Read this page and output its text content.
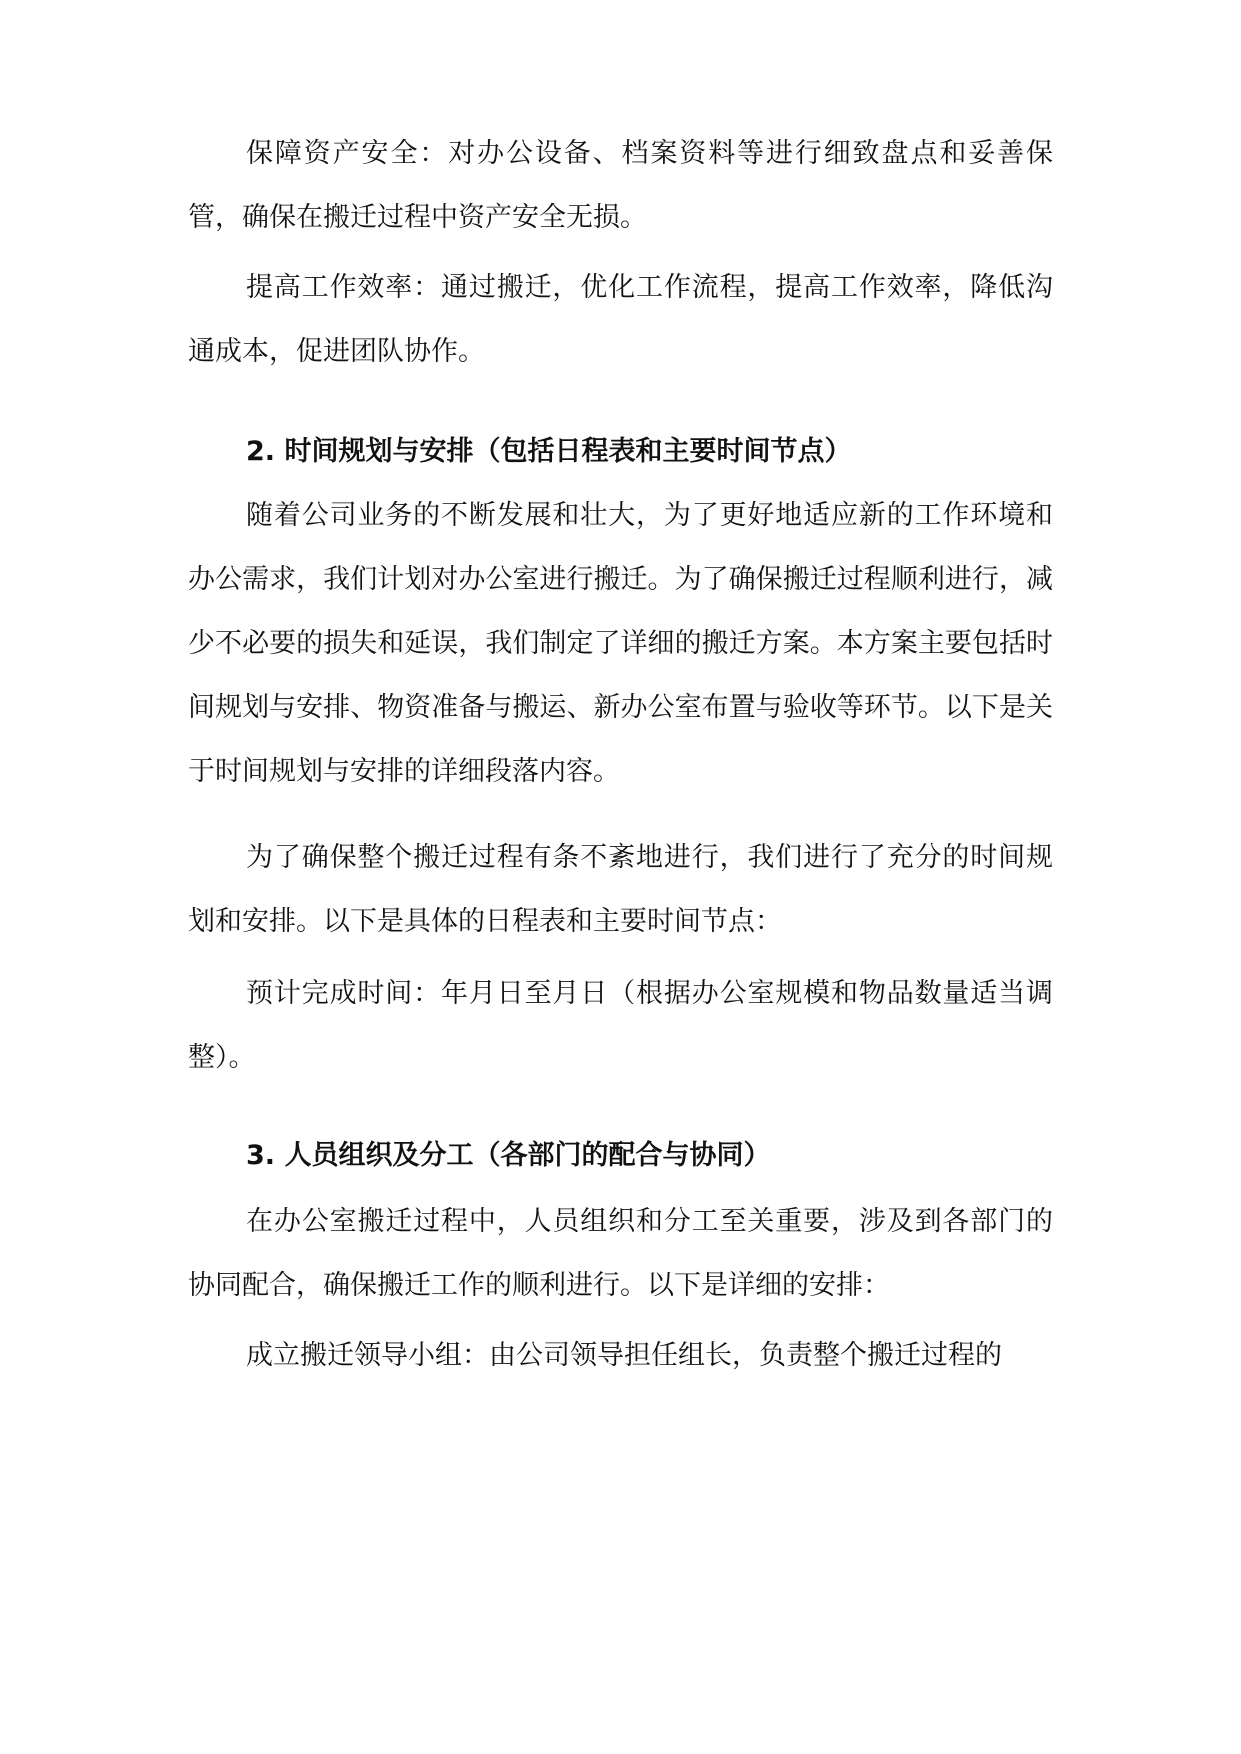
保障资产安全：对办公设备、档案资料等进行细致盘点和妥善保管，确保在搬迁过程中资产安全无损。

提高工作效率：通过搬迁，优化工作流程，提高工作效率，降低沟通成本，促进团队协作。

2. 时间规划与安排（包括日程表和主要时间节点）

随着公司业务的不断发展和壮大，为了更好地适应新的工作环境和办公需求，我们计划对办公室进行搬迁。为了确保搬迁过程顺利进行，减少不必要的损失和延误，我们制定了详细的搬迁方案。本方案主要包括时间规划与安排、物资准备与搬运、新办公室布置与验收等环节。以下是关于时间规划与安排的详细段落内容。

为了确保整个搬迁过程有条不紊地进行，我们进行了充分的时间规划和安排。以下是具体的日程表和主要时间节点：

预计完成时间：年月日至月日（根据办公室规模和物品数量适当调整）。

3. 人员组织及分工（各部门的配合与协同）

在办公室搬迁过程中，人员组织和分工至关重要，涉及到各部门的协同配合，确保搬迁工作的顺利进行。以下是详细的安排：

成立搬迁领导小组：由公司领导担任组长，负责整个搬迁过程的
